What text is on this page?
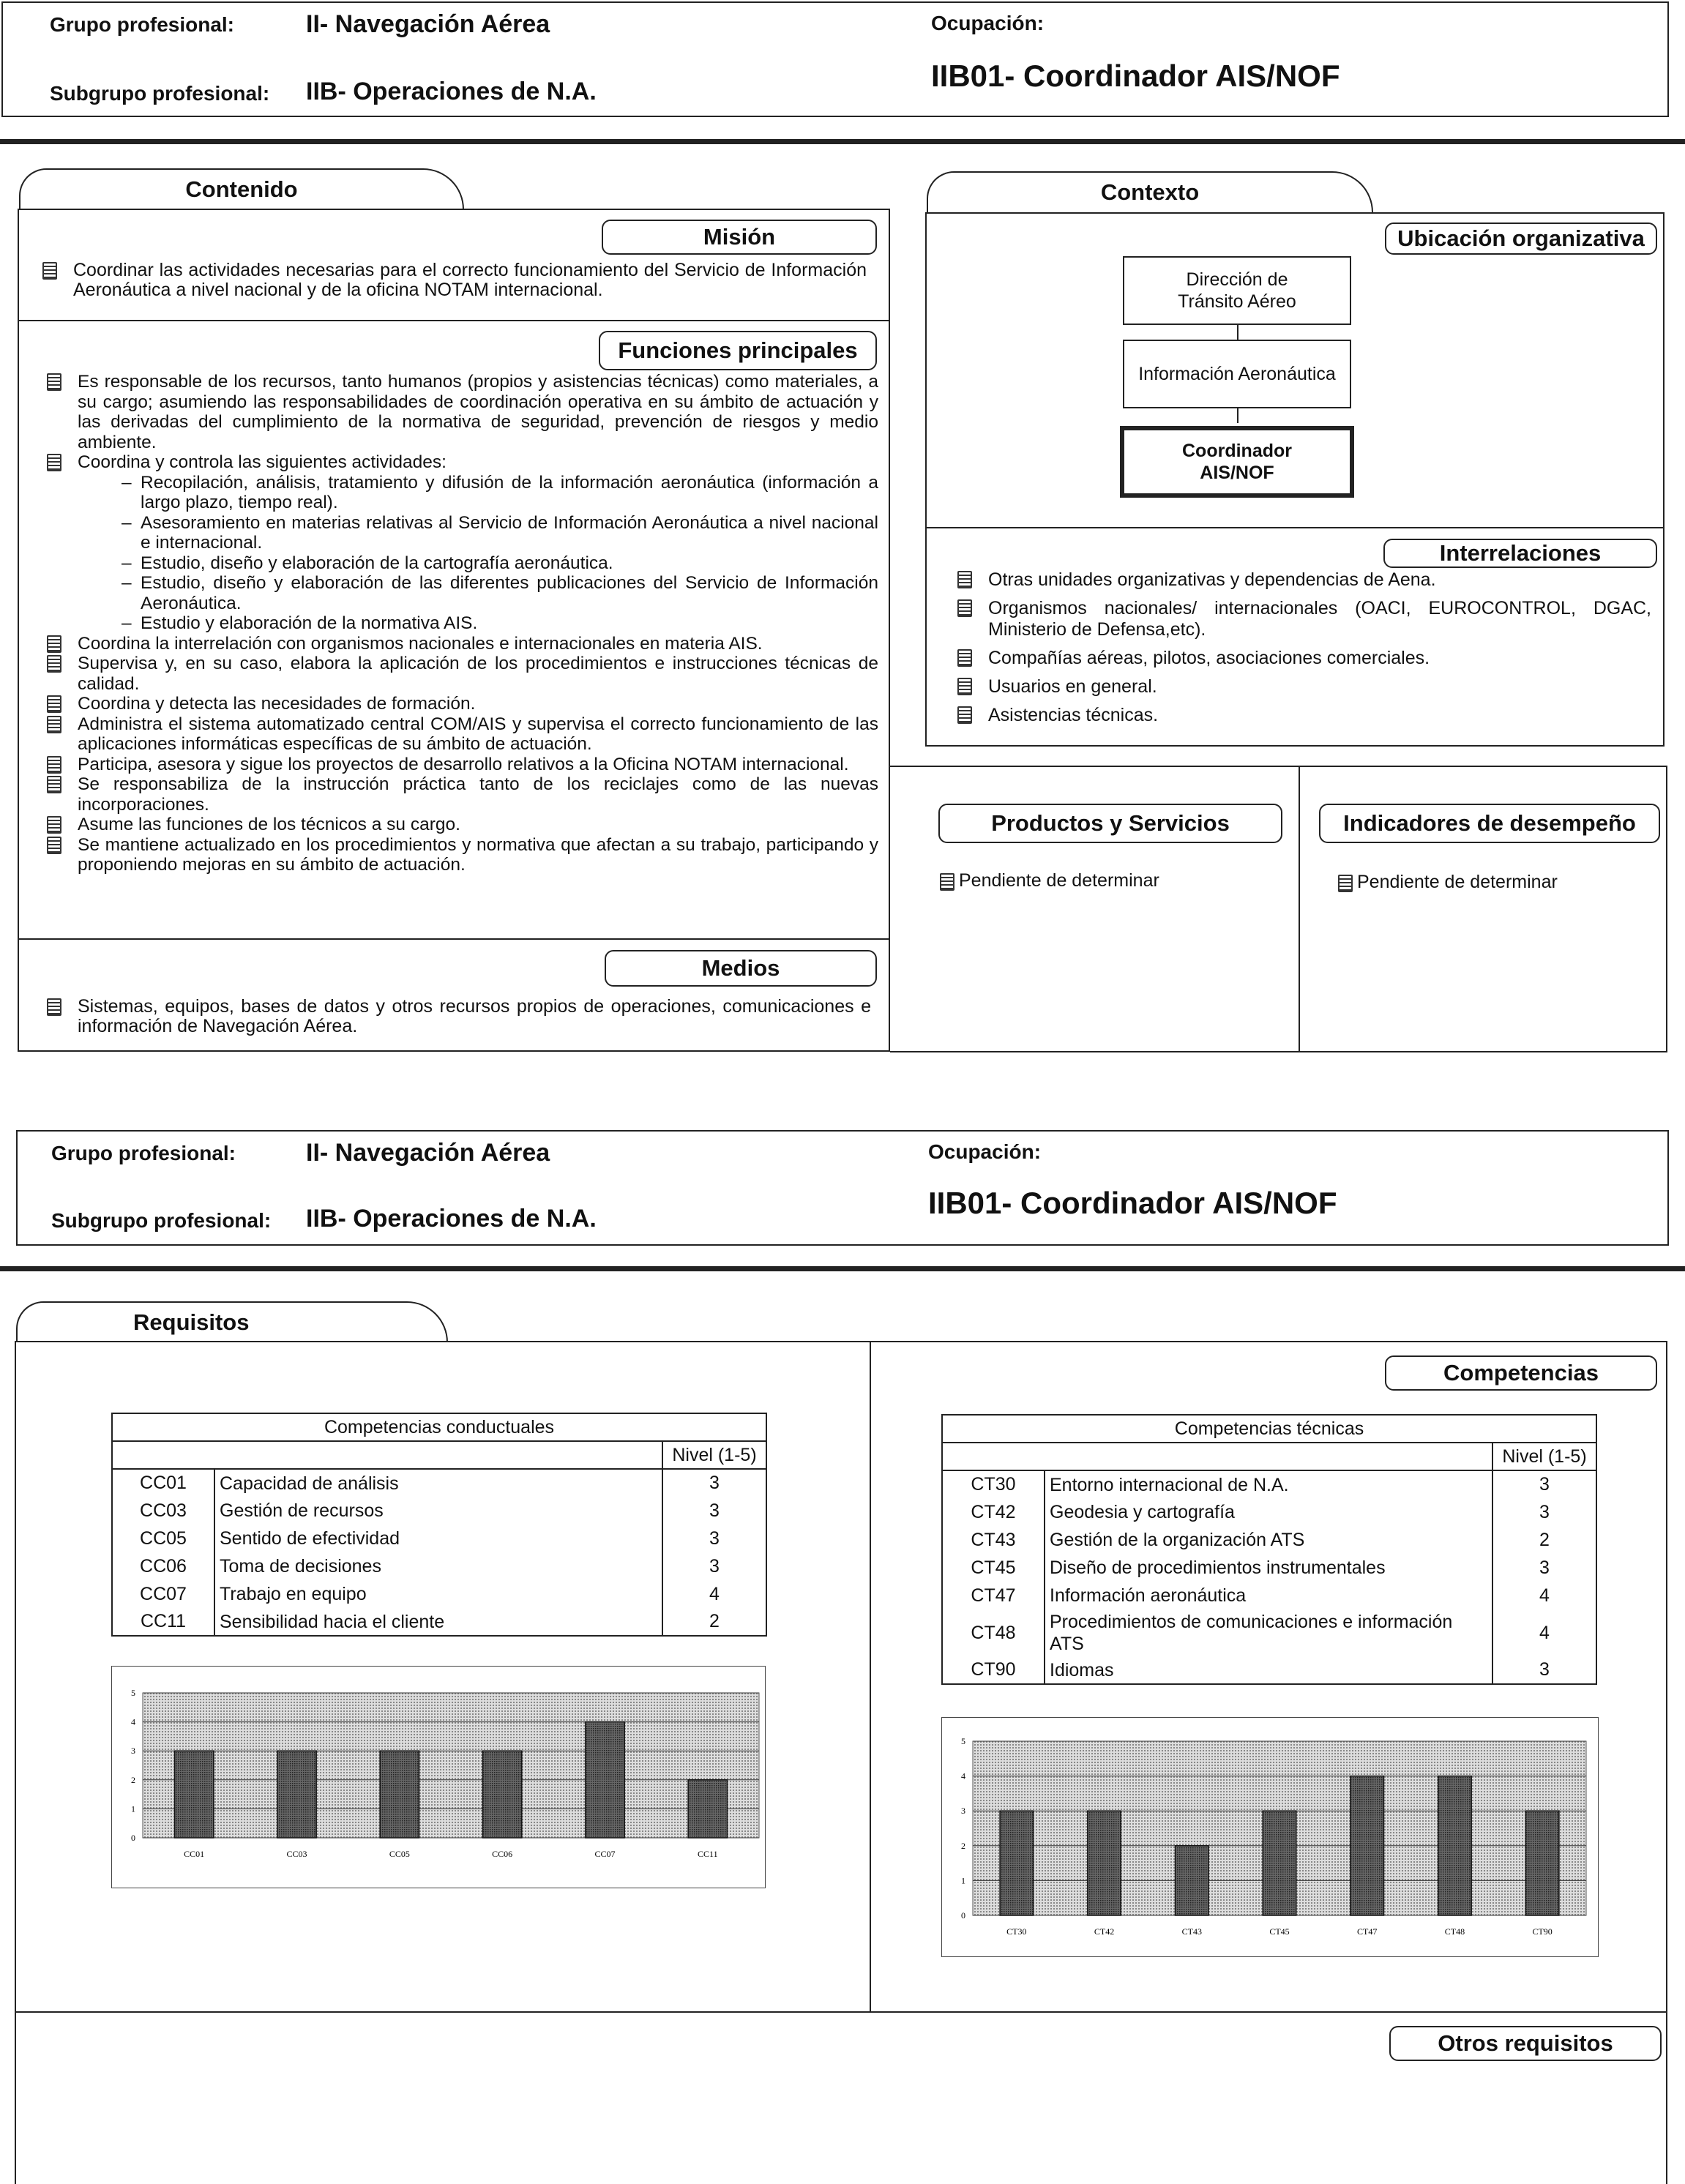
Grupo profesional:	II- Navegación Aérea
Subgrupo profesional: IIB- Operaciones de N.A.
Ocupación:
IIB01- Coordinador AIS/NOF
Contenido
Misión
Coordinar las actividades necesarias para el correcto funcionamiento del Servicio de Información Aeronáutica a nivel nacional y de la oficina NOTAM internacional.
Funciones principales
Es responsable de los recursos, tanto humanos (propios y asistencias técnicas) como materiales, a su cargo; asumiendo las responsabilidades de coordinación operativa en su ámbito de actuación y las derivadas del cumplimiento de la normativa de seguridad, prevención de riesgos y medio ambiente.
Coordina y controla las siguientes actividades:
– Recopilación, análisis, tratamiento y difusión de la información aeronáutica (información a largo plazo, tiempo real).
– Asesoramiento en materias relativas al Servicio de Información Aeronáutica a nivel nacional e internacional.
– Estudio, diseño y elaboración de la cartografía aeronáutica.
– Estudio, diseño y elaboración de las diferentes publicaciones del Servicio de Información Aeronáutica.
– Estudio y elaboración de la normativa AIS.
Coordina la interrelación con organismos nacionales e internacionales en materia AIS.
Supervisa y, en su caso, elabora la aplicación de los procedimientos e instrucciones técnicas de calidad.
Coordina y detecta las necesidades de formación.
Administra el sistema automatizado central COM/AIS y supervisa el correcto funcionamiento de las aplicaciones informáticas específicas de su ámbito de actuación.
Participa, asesora y sigue los proyectos de desarrollo relativos a la Oficina NOTAM internacional.
Se responsabiliza de la instrucción práctica tanto de los reciclajes como de las nuevas incorporaciones.
Asume las funciones de los técnicos a su cargo.
Se mantiene actualizado en los procedimientos y normativa que afectan a su trabajo, participando y proponiendo mejoras en su ámbito de actuación.
Medios
Sistemas, equipos, bases de datos y otros recursos propios de operaciones, comunicaciones e información de Navegación Aérea.
Contexto
Ubicación organizativa
Dirección de Tránsito Aéreo
Información Aeronáutica
Coordinador AIS/NOF
Interrelaciones
Otras unidades organizativas y dependencias de Aena.
Organismos nacionales/ internacionales (OACI, EUROCONTROL, DGAC, Ministerio de Defensa,etc).
Compañías aéreas, pilotos, asociaciones comerciales.
Usuarios en general.
Asistencias técnicas.
Productos y Servicios
Pendiente de determinar
Indicadores de desempeño
Pendiente de determinar
Grupo profesional:	II- Navegación Aérea
Subgrupo profesional: IIB- Operaciones de N.A.
Ocupación:
IIB01- Coordinador AIS/NOF
Requisitos
Competencias
Otros requisitos
Competencias conductuales		
		Nivel (1-5)
CC01	Capacidad de análisis	3
CC03	Gestión de recursos	3
CC05	Sentido de efectividad	3
CC06	Toma de decisiones	3
CC07	Trabajo en equipo	4
CC11	Sensibilidad hacia el cliente	2
Competencias técnicas		
		Nivel (1-5)
CT30	Entorno internacional de N.A.	3
CT42	Geodesia y cartografía	3
CT43	Gestión de la organización ATS	2
CT45	Diseño de procedimientos instrumentales	3
CT47	Información aeronáutica	4
CT48	Procedimientos de comunicaciones e información ATS	4
CT90	Idiomas	3
0
1
2
3
4
5
CC01	CC03	CC05	CC06	CC07	CC11
0
1
2
3
4
5
CT30	CT42	CT43	CT45	CT47	CT48	CT90
